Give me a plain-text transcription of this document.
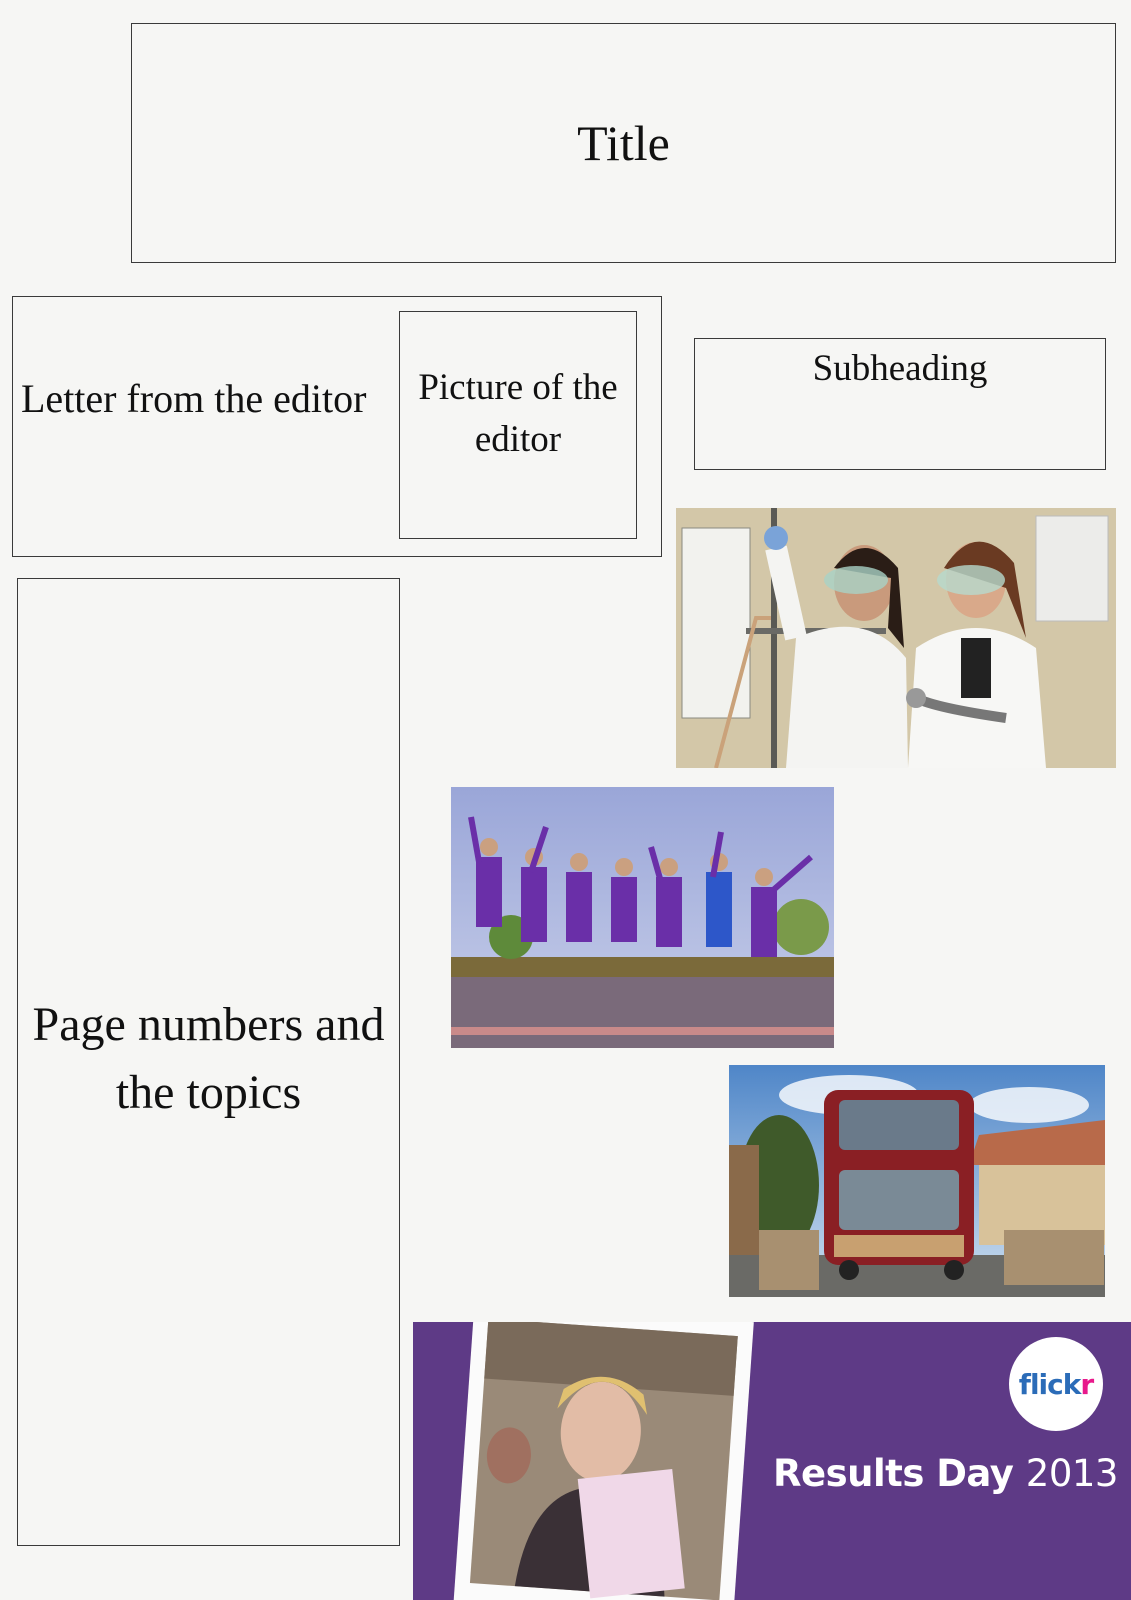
Title
Letter from the editor Picture of the
editor
Subheading
Page numbers and
the topics
flick r
Results Day 2013
